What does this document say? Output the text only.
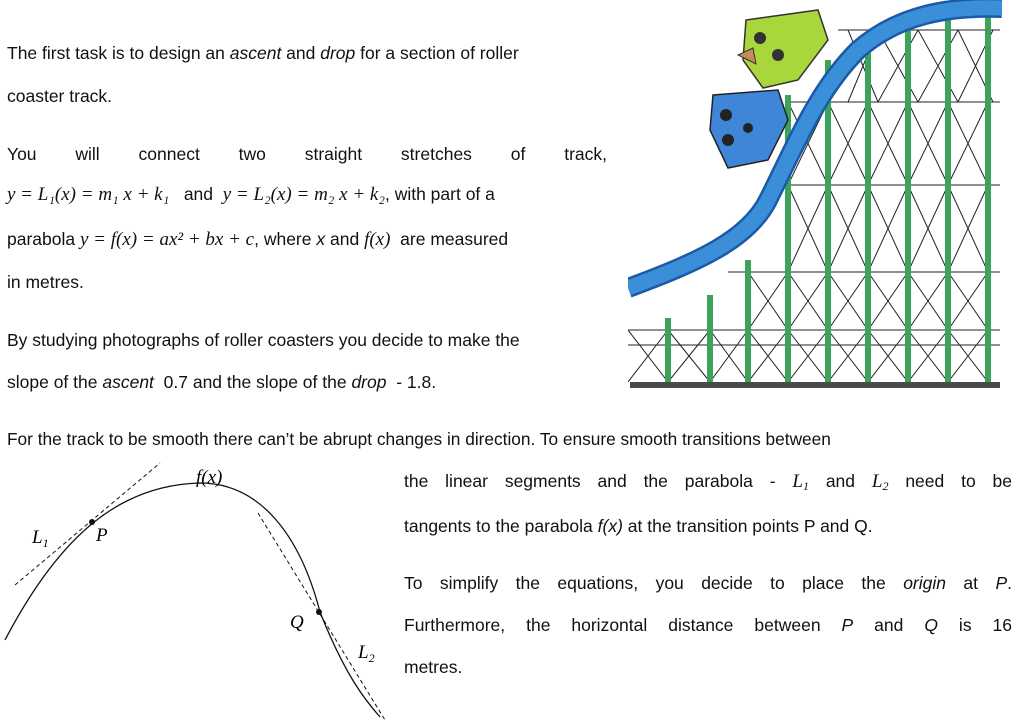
The first task is to design an ascent and drop for a section of roller

coaster track.

You will connect two straight stretches of track,

y = L₁(x) = m₁ x + k₁ and y = L₂(x) = m₂ x + k₂, with part of a

parabola y = f(x) = ax² + bx + c, where x and f(x) are measured

in metres.

By studying photographs of roller coasters you decide to make the

slope of the ascent 0.7 and the slope of the drop - 1.8.

For the track to be smooth there can’t be abrupt changes in direction. To ensure smooth transitions between

the linear segments and the parabola - $L_1$ and $L_2$ need to be

tangents to the parabola f(x) at the transition points P and Q.

To simplify the equations, you decide to place the origin at P.

Furthermore, the horizontal distance between P and Q is 16

metres.

f(x)
$L_1$ P
Q
$L_2$
